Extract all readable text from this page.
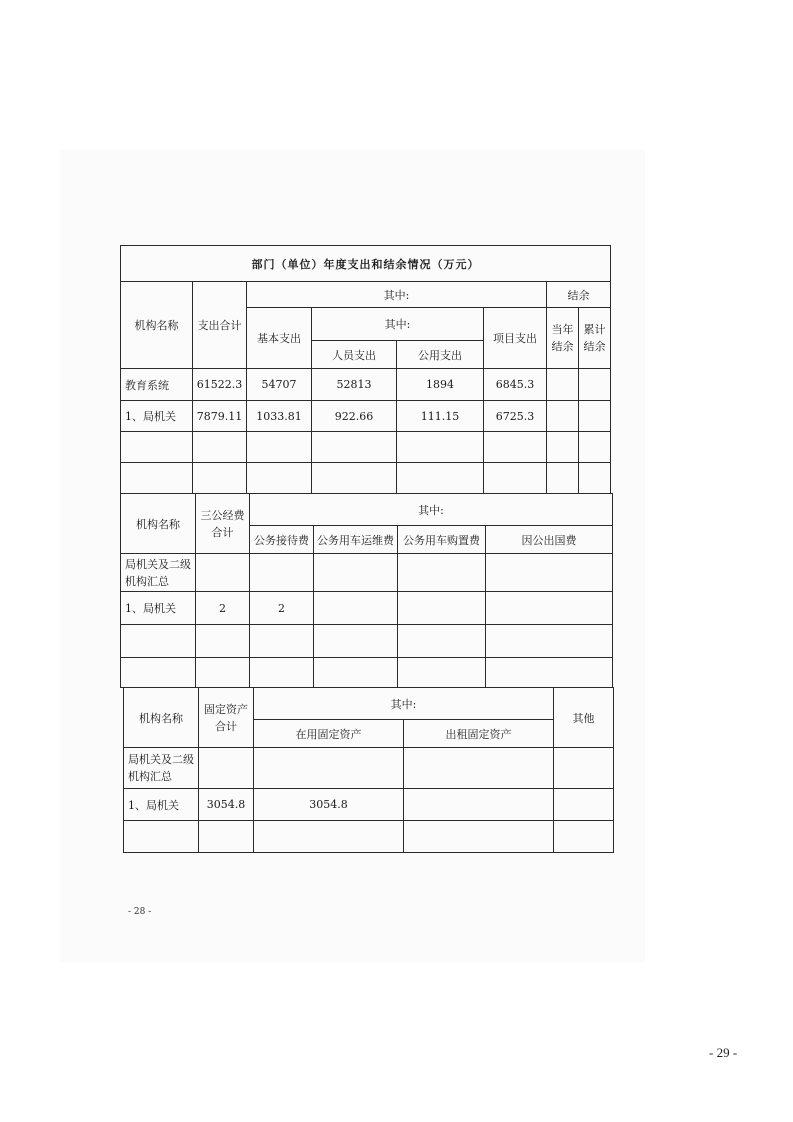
部门（单位）年度支出和结余情况（万元）							
机构名称	支出合计	其中:				结余	
		基本支出	其中:		项目支出	当年结余	累计结余
			人员支出	公用支出			
教育系统	61522.3	54707	52813	1894	6845.3		
1、局机关	7879.11	1033.81	922.66	111.15	6725.3		

机构名称	三公经费合计	其中:			
		公务接待费	公务用车运维费	公务用车购置费	因公出国费
局机关及二级机构汇总					
1、局机关	2	2			

机构名称	固定资产合计	其中:		其他
		在用固定资产	出租固定资产	
局机关及二级机构汇总				
1、局机关	3054.8	3054.8		

- 28 -
- 29 -
